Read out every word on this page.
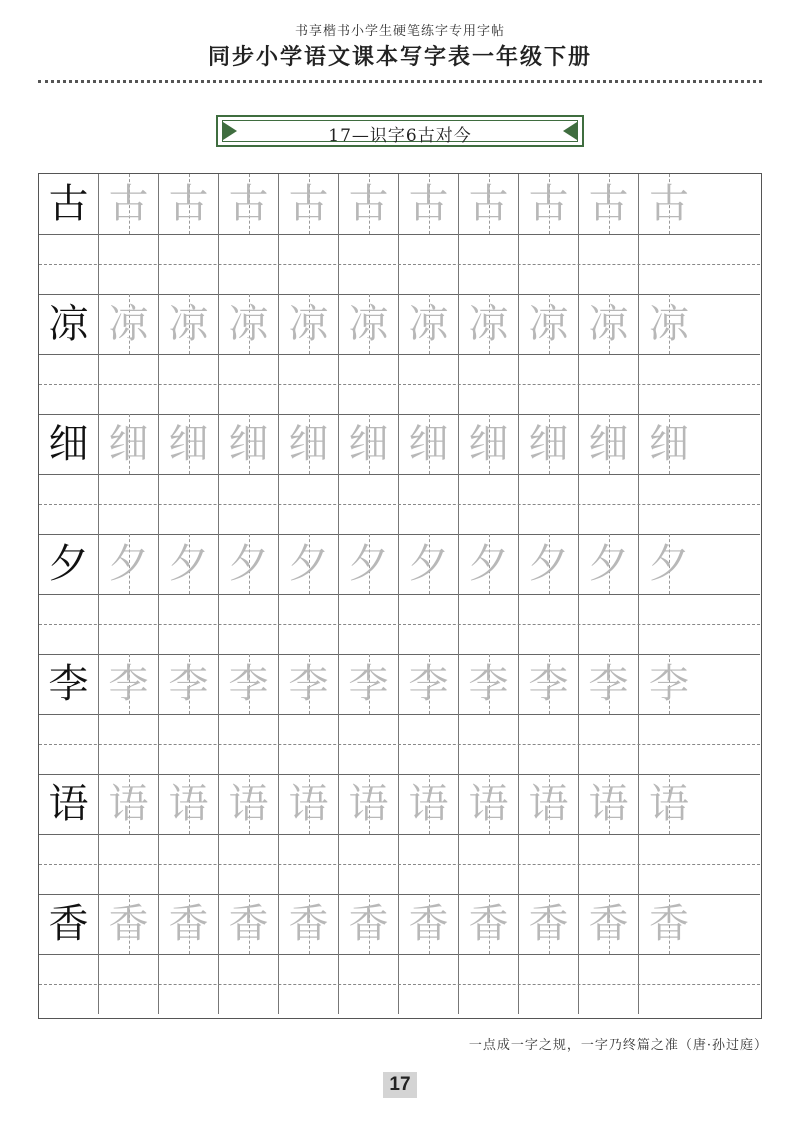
书享楷书小学生硬笔练字专用字帖
同步小学语文课本写字表一年级下册
17—识字6古对今
古 古 古 古 古 古 古 古 古 古 古
凉 凉 凉 凉 凉 凉 凉 凉 凉 凉 凉
细 细 细 细 细 细 细 细 细 细 细
夕 夕 夕 夕 夕 夕 夕 夕 夕 夕 夕
李 李 李 李 李 李 李 李 李 李 李
语 语 语 语 语 语 语 语 语 语 语
香 香 香 香 香 香 香 香 香 香 香
一点成一字之规，一字乃终篇之准（唐·孙过庭）
17
